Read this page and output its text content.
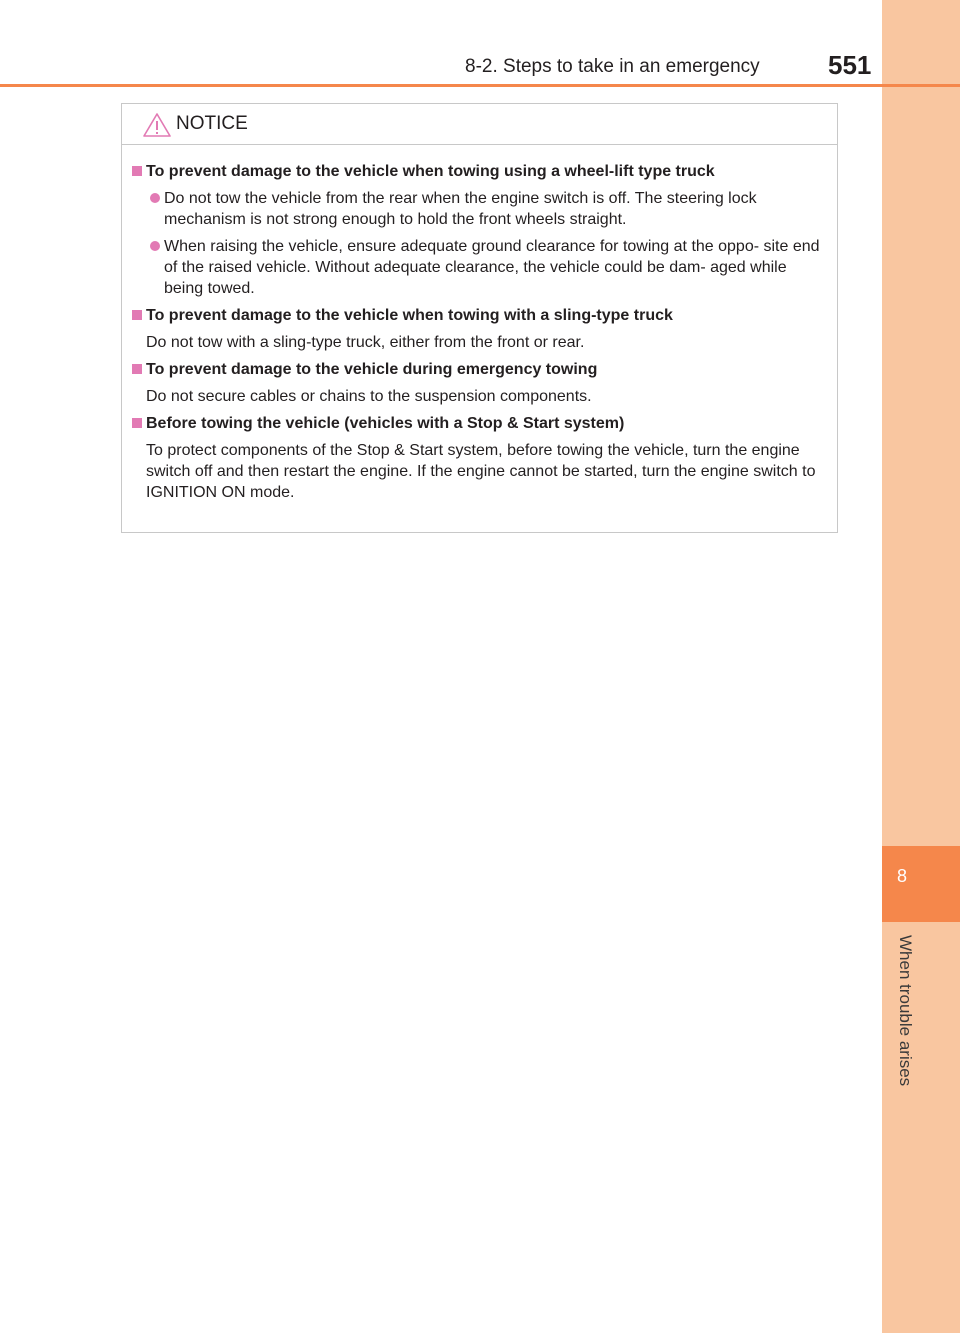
8
When trouble arises
8-2. Steps to take in an emergency	551
NOTICE
To prevent damage to the vehicle when towing using a wheel-lift type truck
Do not tow the vehicle from the rear when the engine switch is off. The steering lock mechanism is not strong enough to hold the front wheels straight.
When raising the vehicle, ensure adequate ground clearance for towing at the oppo- site end of the raised vehicle. Without adequate clearance, the vehicle could be dam- aged while being towed.
To prevent damage to the vehicle when towing with a sling-type truck
Do not tow with a sling-type truck, either from the front or rear.
To prevent damage to the vehicle during emergency towing
Do not secure cables or chains to the suspension components.
Before towing the vehicle (vehicles with a Stop & Start system)
To protect components of the Stop & Start system, before towing the vehicle, turn the engine switch off and then restart the engine. If the engine cannot be started, turn the engine switch to IGNITION ON mode.
